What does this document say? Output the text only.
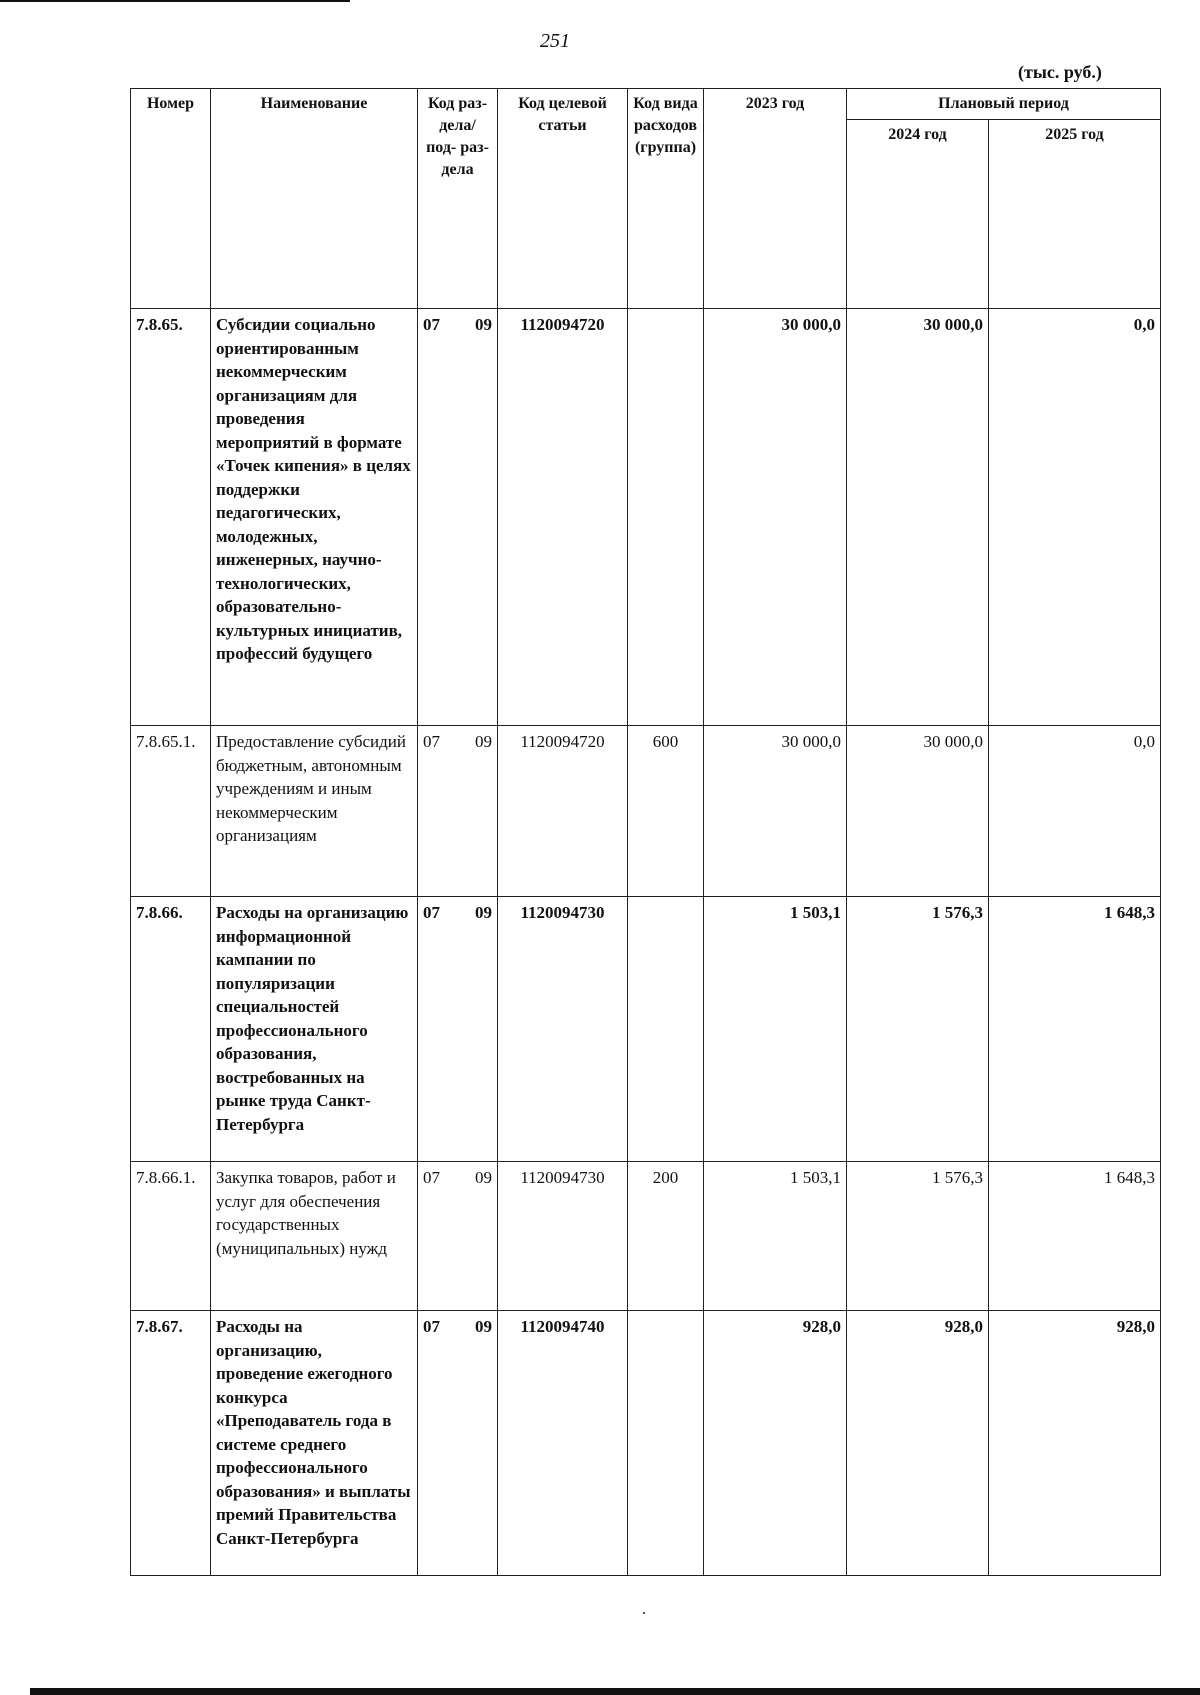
251
(тыс. руб.)
Номер	Наименование	Код раз- дела/ под- раз- дела	Код целевой статьи	Код вида расходов (группа)	2023 год	Плановый период	
						2024 год	2025 год
7.8.65.	Субсидии социально ориентированным некоммерческим организациям для проведения мероприятий в формате «Точек кипения» в целях поддержки педагогических, молодежных, инженерных, научно-технологических, образовательно-культурных инициатив, профессий будущего	07 09	1120094720		30 000,0	30 000,0	0,0
7.8.65.1.	Предоставление субсидий бюджетным, автономным учреждениям и иным некоммерческим организациям	07 09	1120094720	600	30 000,0	30 000,0	0,0
7.8.66.	Расходы на организацию информационной кампании по популяризации специальностей профессионального образования, востребованных на рынке труда Санкт-Петербурга	07 09	1120094730		1 503,1	1 576,3	1 648,3
7.8.66.1.	Закупка товаров, работ и услуг для обеспечения государственных (муниципальных) нужд	07 09	1120094730	200	1 503,1	1 576,3	1 648,3
7.8.67.	Расходы на организацию, проведение ежегодного конкурса «Преподаватель года в системе среднего профессионального образования» и выплаты премий Правительства Санкт-Петербурга	07 09	1120094740		928,0	928,0	928,0
